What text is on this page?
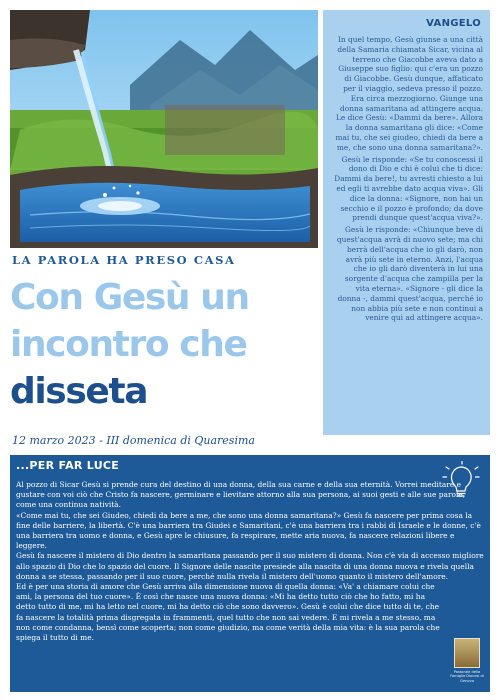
VANGELO

In quel tempo, Gesù giunse a una città della Samaria chiamata Sicar, vicina al terreno che Giacobbe aveva dato a Giuseppe suo figlio: qui c'era un pozzo di Giacobbe. Gesù dunque, affaticato per il viaggio, sedeva presso il pozzo. Era circa mezzogiorno. Giunge una donna samaritana ad attingere acqua. Le dice Gesù: «Dammi da bere». Allora la donna samaritana gli dice: «Come mai tu, che sei giudeo, chiedi da bere a me, che sono una donna samaritana?».

Gesù le risponde: «Se tu conoscessi il dono di Dio e chi è colui che ti dice: Dammi da bere!, tu avresti chiesto a lui ed egli ti avrebbe dato acqua viva». Gli dice la donna: «Signore, non hai un secchio e il pozzo è profondo; da dove prendi dunque quest'acqua viva?».

Gesù le risponde: «Chiunque beve di quest'acqua avrà di nuovo sete; ma chi berrà dell'acqua che io gli darò, non avrà più sete in eterno. Anzi, l'acqua che io gli darò diventerà in lui una sorgente d'acqua che zampilla per la vita eterna». «Signore - gli dice la donna -, dammi quest'acqua, perché io non abbia più sete e non continui a venire qui ad attingere acqua».

LA PAROLA HA PRESO CASA
Con Gesù un
incontro che
disseta
12 marzo 2023 - III domenica di Quaresima
...PER FAR LUCE

Al pozzo di Sicar Gesù si prende cura del destino di una donna, della sua carne e della sua eternità. Vorrei meditare e gustare con voi ciò che Cristo fa nascere, germinare e lievitare attorno alla sua persona, ai suoi gesti e alle sue parole, come una continua natività.

«Come mai tu, che sei Giudeo, chiedi da bere a me, che sono una donna samaritana?» Gesù fa nascere per prima cosa la fine delle barriere, la libertà. C'è una barriera tra Giudei e Samaritani, c'è una barriera tra i rabbi di Israele e le donne, c'è una barriera tra uomo e donna, e Gesù apre le chiusure, fa respirare, mette aria nuova, fa nascere relazioni libere e leggere.

Gesù fa nascere il mistero di Dio dentro la samaritana passando per il suo mistero di donna. Non c'è via di accesso migliore allo spazio di Dio che lo spazio del cuore. Il Signore delle nascite presiede alla nascita di una donna nuova e rivela quella donna a se stessa, passando per il suo cuore, perché nulla rivela il mistero dell'uomo quanto il mistero dell'amore.

Ed è per una storia di amore che Gesù arriva alla dimensione nuova di quella donna: «Va' a chiamare colui che ami, la persona del tuo cuore». È così che nasce una nuova donna: «Mi ha detto tutto ciò che ho fatto, mi ha detto tutto di me, mi ha letto nel cuore, mi ha detto ciò che sono davvero». Gesù è colui che dice tutto di te, che fa nascere la totalità prima disgregata in frammenti, quel tutto che non sai vedere. E mi rivela a me stesso, ma non come condanna, bensì come scoperta; non come giudizio, ma come verità della mia vita: è la sua parola che spiega il tutto di me.

Pastorale della Famiglia Diocesi di Genova
